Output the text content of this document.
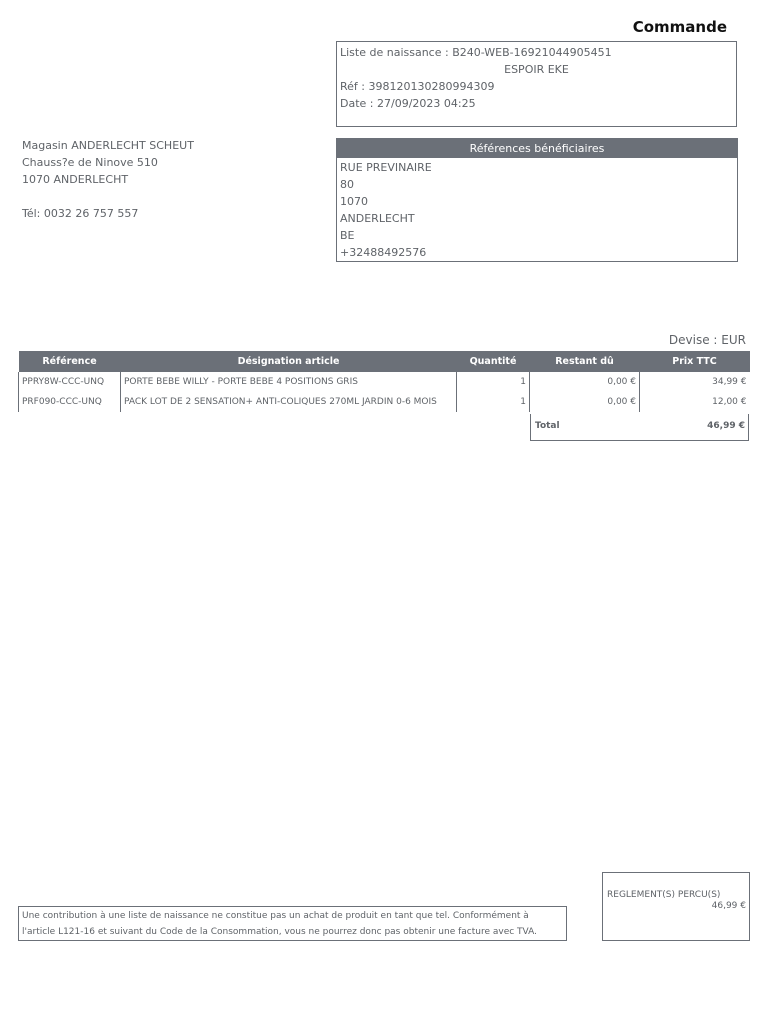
Commande
Liste de naissance : B240-WEB-16921044905451
ESPOIR EKE
Réf : 398120130280994309
Date : 27/09/2023 04:25
Magasin ANDERLECHT SCHEUT
Chauss?e de Ninove 510
1070 ANDERLECHT
Tél: 0032 26 757 557
Références bénéficiaires
RUE PREVINAIRE
80
1070
ANDERLECHT
BE
+32488492576
Devise : EUR
Référence	Désignation article	Quantité	Restant dû	Prix TTC
PPRY8W-CCC-UNQ	PORTE BEBE WILLY - PORTE BEBE 4 POSITIONS GRIS	1	0,00 €	34,99 €
PRF090-CCC-UNQ	PACK LOT DE 2 SENSATION+ ANTI-COLIQUES 270ML JARDIN 0-6 MOIS	1	0,00 €	12,00 €
Total	46,99 €
REGLEMENT(S) PERCU(S)
46,99 €
Une contribution à une liste de naissance ne constitue pas un achat de produit en tant que tel. Conformément à
l'article L121-16 et suivant du Code de la Consommation, vous ne pourrez donc pas obtenir une facture avec TVA.
